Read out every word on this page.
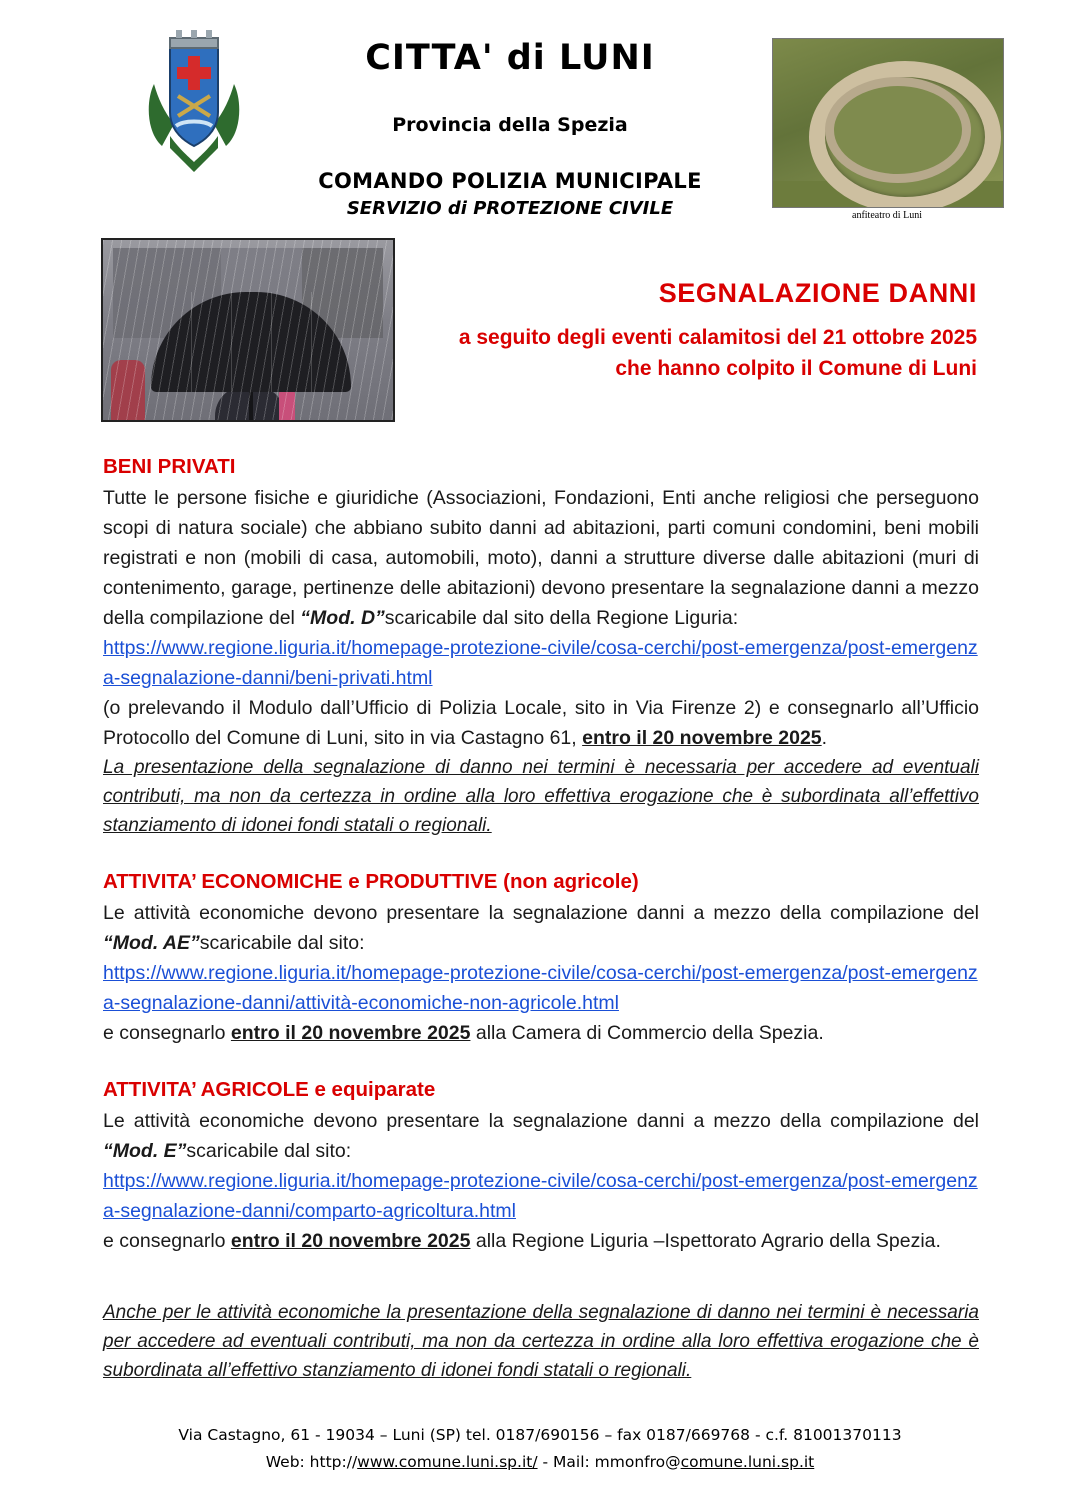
CITTA' di LUNI
Provincia della Spezia
COMANDO POLIZIA MUNICIPALE
SERVIZIO di PROTEZIONE CIVILE	anfiteatro di Luni
SEGNALAZIONE DANNI
a seguito degli eventi calamitosi del 21 ottobre 2025
che hanno colpito il Comune di Luni
BENI PRIVATI

Tutte le persone fisiche e giuridiche (Associazioni, Fondazioni, Enti anche religiosi che perseguono scopi di natura sociale) che abbiano subito danni ad abitazioni, parti comuni condomini, beni mobili registrati e non (mobili di casa, automobili, moto), danni a strutture diverse dalle abitazioni (muri di contenimento, garage, pertinenze delle abitazioni) devono presentare la segnalazione danni a mezzo della compilazione del “Mod. D”scaricabile dal sito della Regione Liguria:

https://www.regione.liguria.it/homepage-protezione-civile/cosa-cerchi/post-emergenza/post-emergenza-segnalazione-danni/beni-privati.html

(o prelevando il Modulo dall’Ufficio di Polizia Locale, sito in Via Firenze 2) e consegnarlo all’Ufficio Protocollo del Comune di Luni, sito in via Castagno 61, entro il 20 novembre 2025.

La presentazione della segnalazione di danno nei termini è necessaria per accedere ad eventuali contributi, ma non da certezza in ordine alla loro effettiva erogazione che è subordinata all’effettivo stanziamento di idonei fondi statali o regionali.

ATTIVITA’ ECONOMICHE e PRODUTTIVE (non agricole)

Le attività economiche devono presentare la segnalazione danni a mezzo della compilazione del “Mod. AE”scaricabile dal sito:

https://www.regione.liguria.it/homepage-protezione-civile/cosa-cerchi/post-emergenza/post-emergenza-segnalazione-danni/attività-economiche-non-agricole.html

e consegnarlo entro il 20 novembre 2025 alla Camera di Commercio della Spezia.

ATTIVITA’ AGRICOLE e equiparate

Le attività economiche devono presentare la segnalazione danni a mezzo della compilazione del “Mod. E”scaricabile dal sito:

https://www.regione.liguria.it/homepage-protezione-civile/cosa-cerchi/post-emergenza/post-emergenza-segnalazione-danni/comparto-agricoltura.html

e consegnarlo entro il 20 novembre 2025 alla Regione Liguria –Ispettorato Agrario della Spezia.

Anche per le attività economiche la presentazione della segnalazione di danno nei termini è necessaria per accedere ad eventuali contributi, ma non da certezza in ordine alla loro effettiva erogazione che è subordinata all’effettivo stanziamento di idonei fondi statali o regionali.

Via Castagno, 61 - 19034 – Luni (SP) tel. 0187/690156 – fax 0187/669768 - c.f. 81001370113
Web: http://www.comune.luni.sp.it/ - Mail: mmonfro@comune.luni.sp.it
